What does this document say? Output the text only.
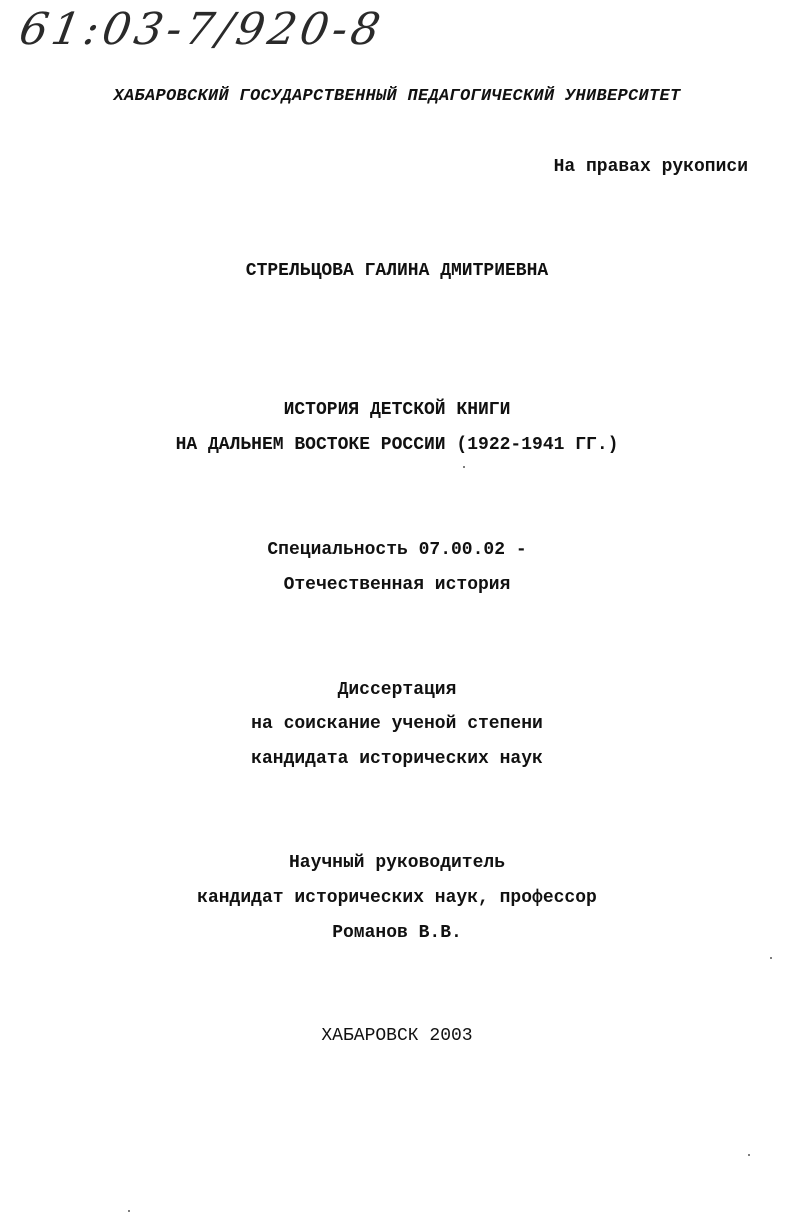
61:03-7/920-8
ХАБАРОВСКИЙ ГОСУДАРСТВЕННЫЙ ПЕДАГОГИЧЕСКИЙ УНИВЕРСИТЕТ
На правах рукописи
СТРЕЛЬЦОВА ГАЛИНА ДМИТРИЕВНА
ИСТОРИЯ ДЕТСКОЙ КНИГИ
НА ДАЛЬНЕМ ВОСТОКЕ РОССИИ (1922-1941 ГГ.)
Специальность 07.00.02 -
Отечественная история
Диссертация
на соискание ученой степени
кандидата исторических наук
Научный руководитель
кандидат исторических наук, профессор
Романов В.В.
ХАБАРОВСК 2003
